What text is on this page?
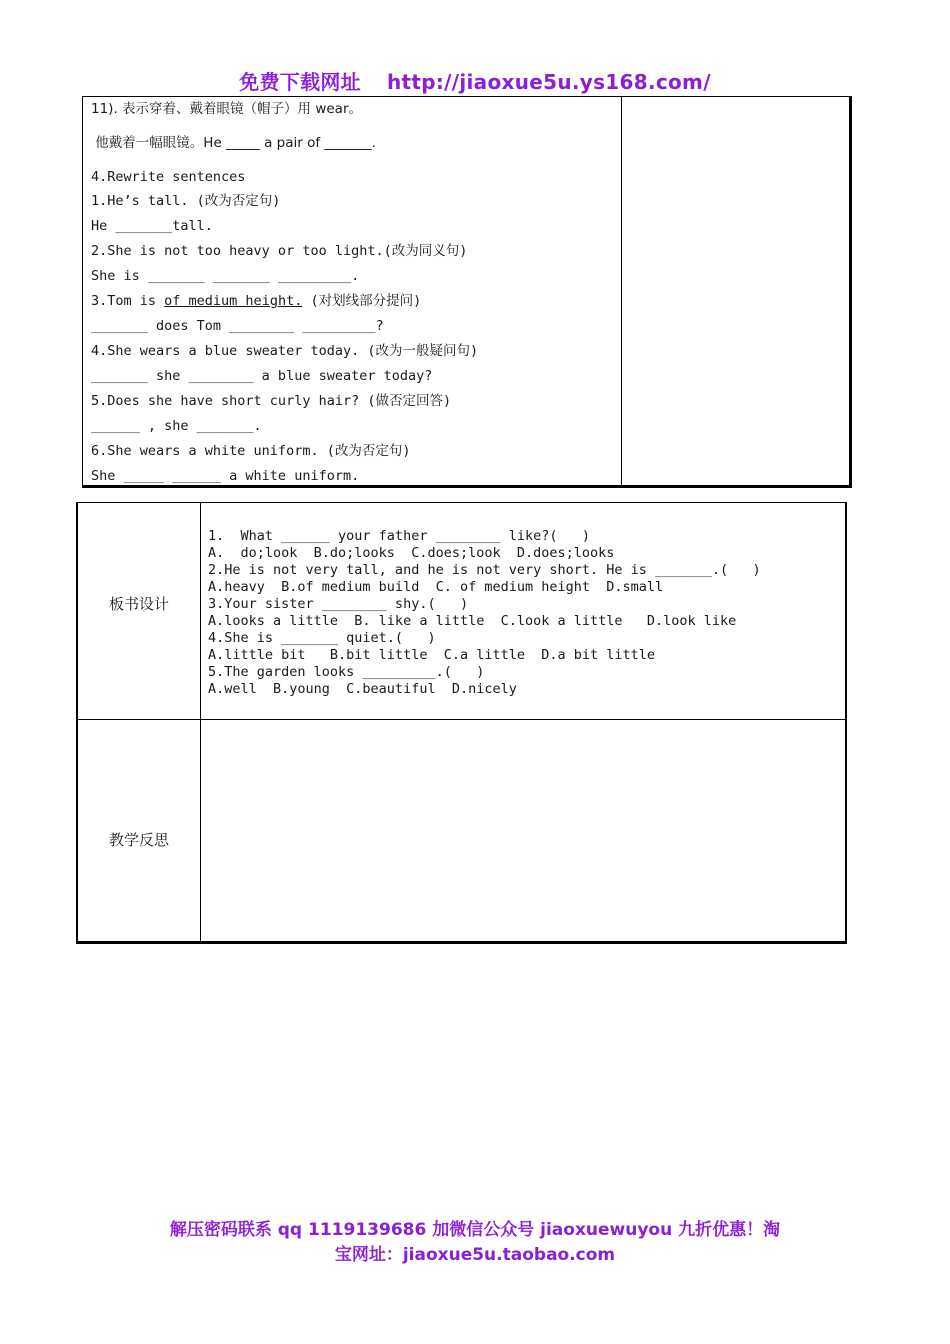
免费下载网址 http://jiaoxue5u.ys168.com/
11). 表示穿着、戴着眼镜（帽子）用 wear。
他戴着一幅眼镜。He _____ a pair of _______.
4.Rewrite sentences
1.He’s tall. (改为否定句)
He _______tall.
2.She is not too heavy or too light.(改为同义句)
She is _______ _______ _________.
3.Tom is of medium height. (对划线部分提问)
_______ does Tom ________ _________?
4.She wears a blue sweater today. (改为一般疑问句)
_______ she ________ a blue sweater today?
5.Does she have short curly hair? (做否定回答)
______ , she _______.
6.She wears a white uniform. (改为否定句)
She _____ ______ a white uniform.
板书设计
教学反思
1.  What ______ your father ________ like?(   )
A.  do;look  B.do;looks  C.does;look  D.does;looks
2.He is not very tall, and he is not very short. He is _______.(   )
A.heavy  B.of medium build  C. of medium height  D.small
3.Your sister ________ shy.(   )
A.looks a little  B. like a little  C.look a little   D.look like
4.She is _______ quiet.(   )
A.little bit   B.bit little  C.a little  D.a bit little
5.The garden looks _________.(   )
A.well  B.young  C.beautiful  D.nicely
解压密码联系 qq 1119139686 加微信公众号 jiaoxuewuyou 九折优惠！淘
宝网址：jiaoxue5u.taobao.com
